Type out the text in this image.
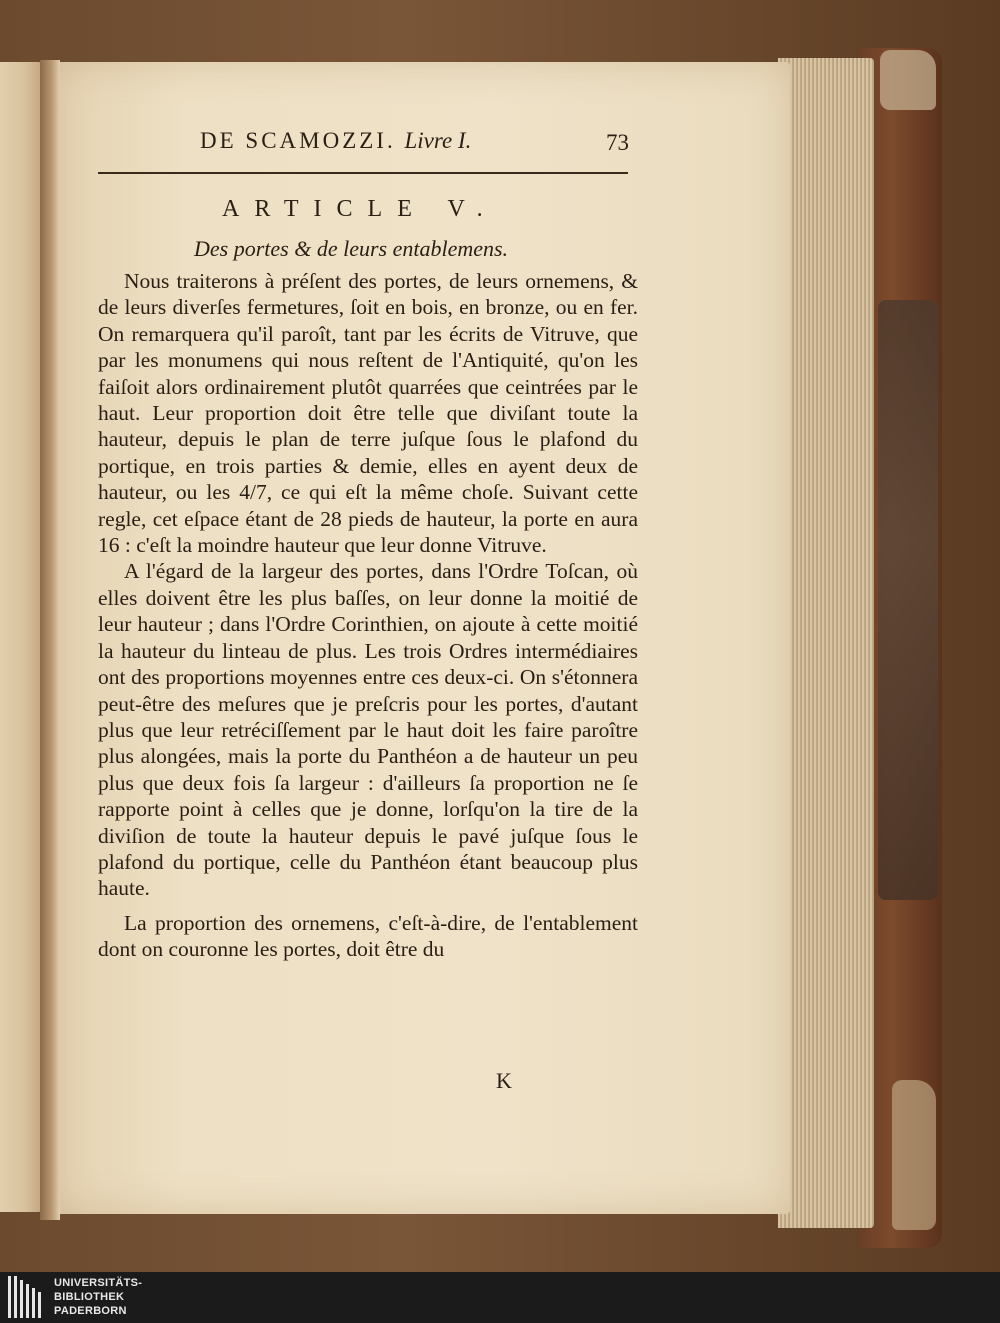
DE SCAMOZZI. Livre I.	73
ARTICLE V.
Des portes & de leurs entablemens.

Nous traiterons à préſent des portes, de leurs ornemens, & de leurs diverſes fermetures, ſoit en bois, en bronze, ou en fer. On remarquera qu'il paroît, tant par les écrits de Vitruve, que par les monumens qui nous reſtent de l'Antiquité, qu'on les faiſoit alors ordinairement plutôt quarrées que ceintrées par le haut. Leur proportion doit être telle que diviſant toute la hauteur, depuis le plan de terre juſque ſous le plafond du portique, en trois parties & demie, elles en ayent deux de hauteur, ou les 4/7, ce qui eſt la même choſe. Suivant cette regle, cet eſpace étant de 28 pieds de hauteur, la porte en aura 16 : c'eſt la moindre hauteur que leur donne Vitruve.

A l'égard de la largeur des portes, dans l'Ordre Toſcan, où elles doivent être les plus baſſes, on leur donne la moitié de leur hauteur ; dans l'Ordre Corinthien, on ajoute à cette moitié la hauteur du linteau de plus. Les trois Ordres intermédiaires ont des proportions moyennes entre ces deux-ci. On s'étonnera peut-être des meſures que je preſcris pour les portes, d'autant plus que leur retréciſſement par le haut doit les faire paroître plus alongées, mais la porte du Panthéon a de hauteur un peu plus que deux fois ſa largeur : d'ailleurs ſa proportion ne ſe rapporte point à celles que je donne, lorſqu'on la tire de la diviſion de toute la hauteur depuis le pavé juſque ſous le plafond du portique, celle du Panthéon étant beaucoup plus haute.

La proportion des ornemens, c'eſt-à-dire, de l'entablement dont on couronne les portes, doit être du

K
UNIVERSITÄTS-
BIBLIOTHEK
PADERBORN
